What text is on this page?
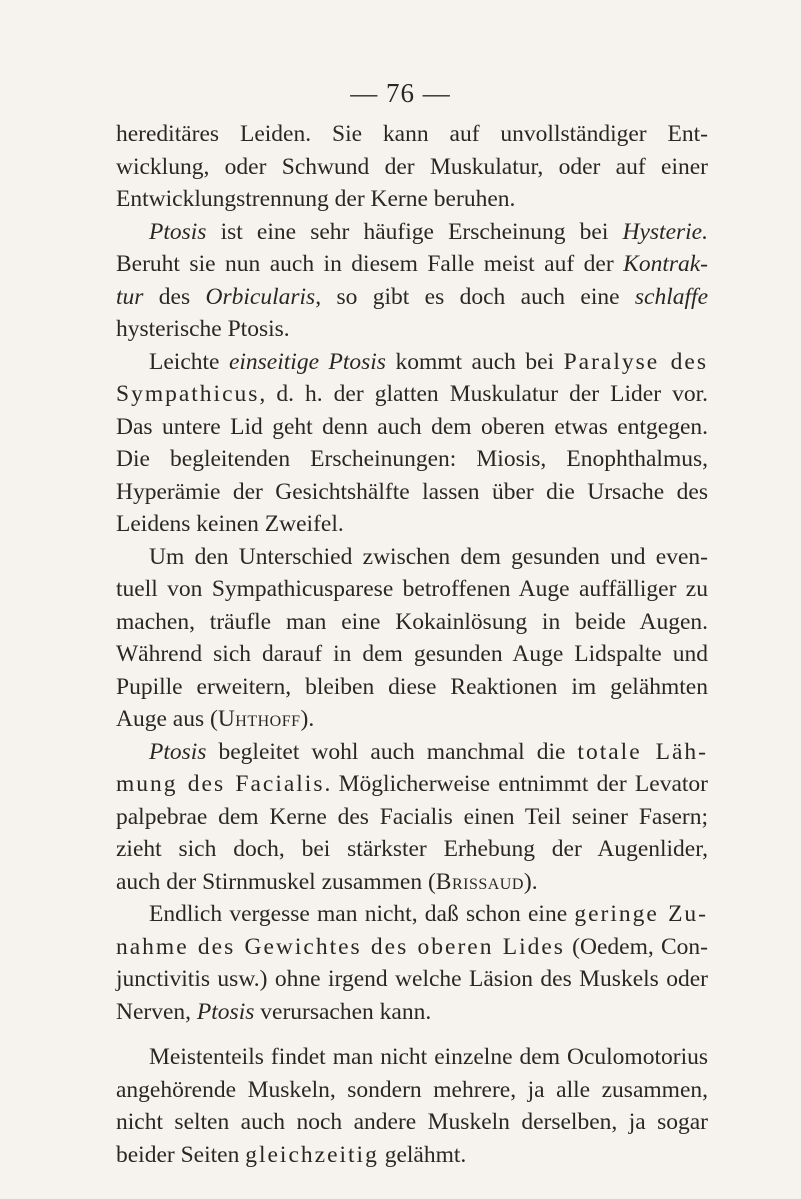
— 76 —
hereditäres Leiden. Sie kann auf unvollständiger Ent-
wicklung, oder Schwund der Muskulatur, oder auf einer
Entwicklungstrennung der Kerne beruhen.
Ptosis ist eine sehr häufige Erscheinung bei Hysterie.
Beruht sie nun auch in diesem Falle meist auf der Kontrak-
tur des Orbicularis, so gibt es doch auch eine schlaffe
hysterische Ptosis.
Leichte einseitige Ptosis kommt auch bei Paralyse des
Sympathicus, d. h. der glatten Muskulatur der Lider vor.
Das untere Lid geht denn auch dem oberen etwas entgegen.
Die begleitenden Erscheinungen: Miosis, Enophthalmus,
Hyperämie der Gesichtshälfte lassen über die Ursache des
Leidens keinen Zweifel.
Um den Unterschied zwischen dem gesunden und even-
tuell von Sympathicusparese betroffenen Auge auffälliger zu
machen, träufle man eine Kokainlösung in beide Augen.
Während sich darauf in dem gesunden Auge Lidspalte und
Pupille erweitern, bleiben diese Reaktionen im gelähmten
Auge aus (Uhthoff).
Ptosis begleitet wohl auch manchmal die totale Läh-
mung des Facialis. Möglicherweise entnimmt der Levator
palpebrae dem Kerne des Facialis einen Teil seiner Fasern;
zieht sich doch, bei stärkster Erhebung der Augenlider,
auch der Stirnmuskel zusammen (Brissaud).
Endlich vergesse man nicht, daß schon eine geringe Zu-
nahme des Gewichtes des oberen Lides (Oedem, Con-
junctivitis usw.) ohne irgend welche Läsion des Muskels oder
Nerven, Ptosis verursachen kann.
Meistenteils findet man nicht einzelne dem Oculomotorius
angehörende Muskeln, sondern mehrere, ja alle zusammen,
nicht selten auch noch andere Muskeln derselben, ja sogar
beider Seiten gleichzeitig gelähmt.
